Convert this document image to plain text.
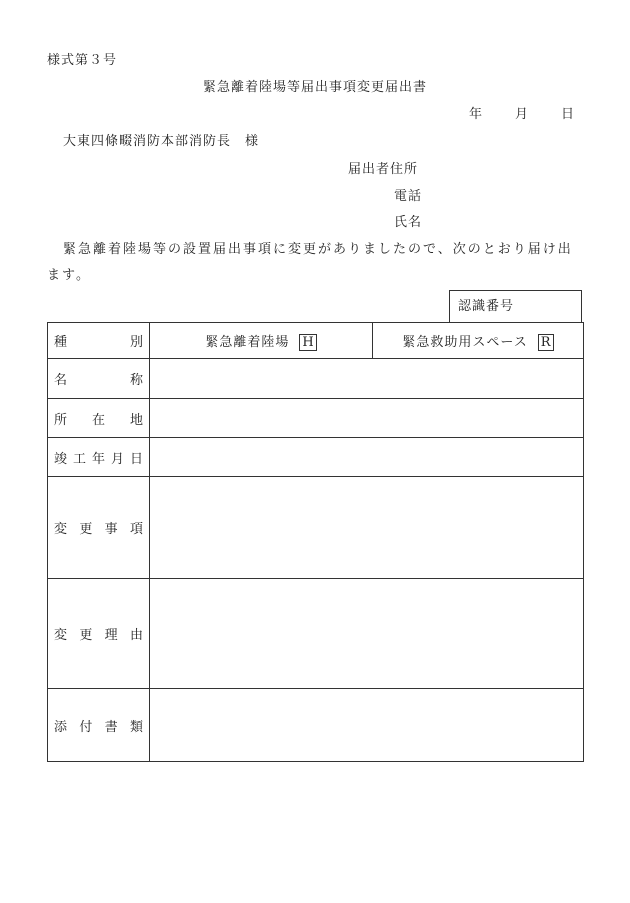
様式第３号
緊急離着陸場等届出事項変更届出書
年	月	日
大東四條畷消防本部消防長　様
届出者住所
電話
氏名
緊急離着陸場等の設置届出事項に変更がありましたので、次のとおり届け出
ます。
認識番号
種 別	緊急離着陸場 H	緊急救助用スペース R

名 称		

所 在 地		

竣 工 年 月 日		

変 更 事 項		

変 更 理 由		

添 付 書 類		
